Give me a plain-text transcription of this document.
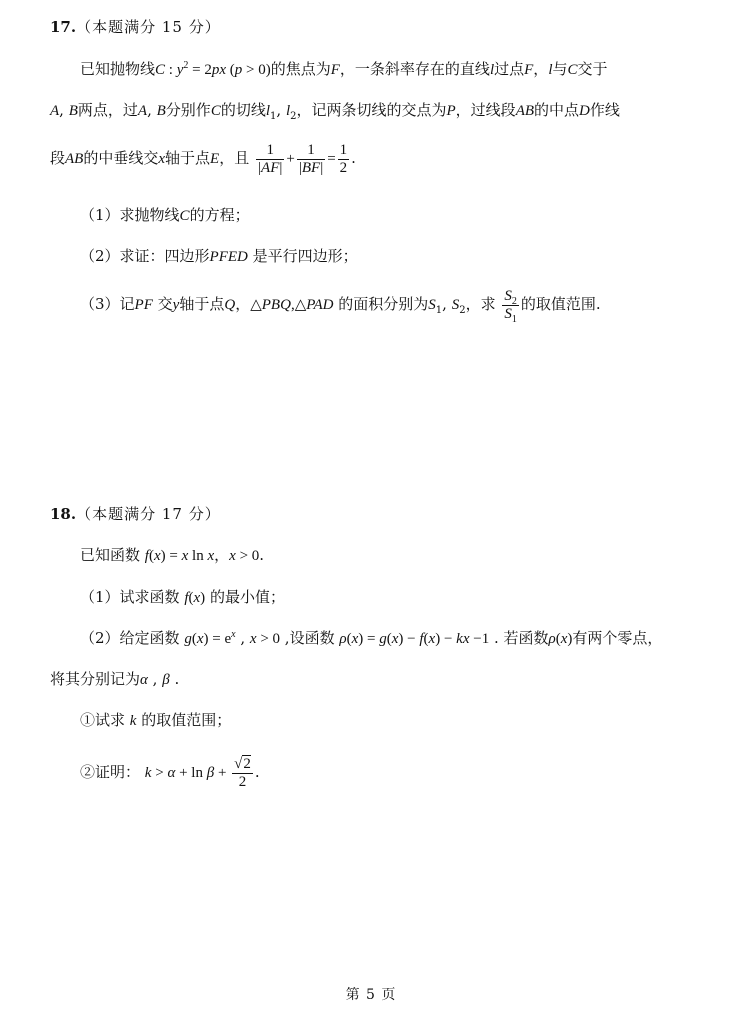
17.（本题满分 15 分）
已知抛物线C : $y^2 = 2px$ (p > 0)的焦点为F，一条斜率存在的直线l过点F，l与C交于
A, B两点，过A, B分别作C的切线$l_1$, $l_2$，记两条切线的交点为P，过线段AB的中点D作线
段AB的中垂线交x轴于点E，且 $\frac{1}{|AF|} + \frac{1}{|BF|} = \frac{1}{2}$ .
（1）求抛物线C的方程；
（2）求证：四边形PFED 是平行四边形；
（3）记PF 交y轴于点Q，△PBQ,△PAD 的面积分别为$S_1$, $S_2$，求 $\frac{S_2}{S_1}$ 的取值范围.
18.（本题满分 17 分）
已知函数 f(x) = x ln x，x > 0.
（1）试求函数 f(x) 的最小值；
（2）给定函数 $g(x) = e^x$ , x > 0 ,设函数 ρ(x) = g(x) − f(x) − kx −1 . 若函数ρ(x)有两个零点，
将其分别记为α , β .
①试求 k 的取值范围；
②证明： $k > \alpha + \ln \beta + \frac{√2}{2}$ .
第 5 页
